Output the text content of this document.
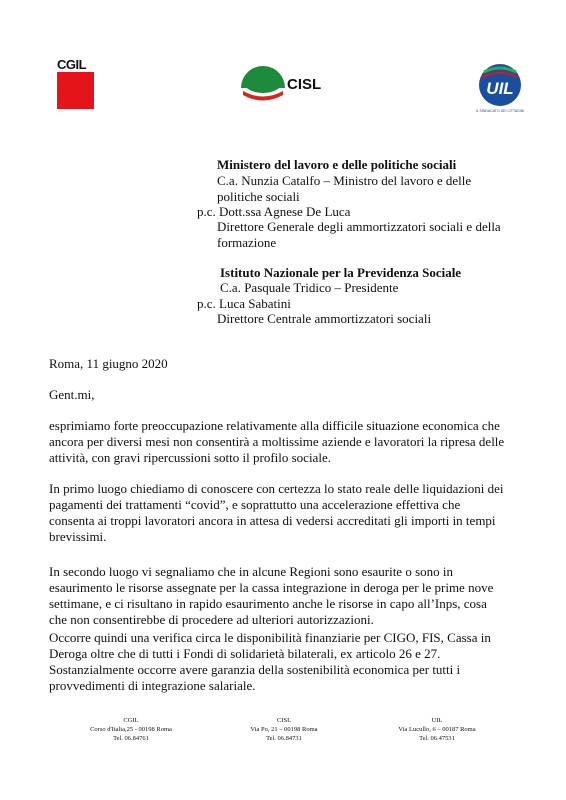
CGIL
CISL	UIL
IL SINDACATO DEI CITTADINI
Ministero del lavoro e delle politiche sociali
C.a. Nunzia Catalfo – Ministro del lavoro e delle
politiche sociali
p.c. Dott.ssa Agnese De Luca
Direttore Generale degli ammortizzatori sociali e della
formazione
Istituto Nazionale per la Previdenza Sociale
C.a. Pasquale Tridico – Presidente
p.c. Luca Sabatini
Direttore Centrale ammortizzatori sociali
Roma, 11 giugno 2020
Gent.mi,
esprimiamo forte preoccupazione relativamente alla difficile situazione economica che
ancora per diversi mesi non consentirà a moltissime aziende e lavoratori la ripresa delle
attività, con gravi ripercussioni sotto il profilo sociale.
In primo luogo chiediamo di conoscere con certezza lo stato reale delle liquidazioni dei
pagamenti dei trattamenti “covid”, e soprattutto una accelerazione effettiva che
consenta ai troppi lavoratori ancora in attesa di vedersi accreditati gli importi in tempi
brevissimi.
In secondo luogo vi segnaliamo che in alcune Regioni sono esaurite o sono in
esaurimento le risorse assegnate per la cassa integrazione in deroga per le prime nove
settimane, e ci risultano in rapido esaurimento anche le risorse in capo all’Inps, cosa
che non consentirebbe di procedere ad ulteriori autorizzazioni.
Occorre quindi una verifica circa le disponibilità finanziarie per CIGO, FIS, Cassa in
Deroga oltre che di tutti i Fondi di solidarietà bilaterali, ex articolo 26 e 27.
Sostanzialmente occorre avere garanzia della sostenibilità economica per tutti i
provvedimenti di integrazione salariale.
CGIL
Corso d'Italia,25 - 00198 Roma
Tel. 06.84761
CISL
Via Po, 21 – 00198 Roma
Tel. 06.84731
UIL
Via Lucullo, 6 – 00187 Roma
Tel. 06.47531
